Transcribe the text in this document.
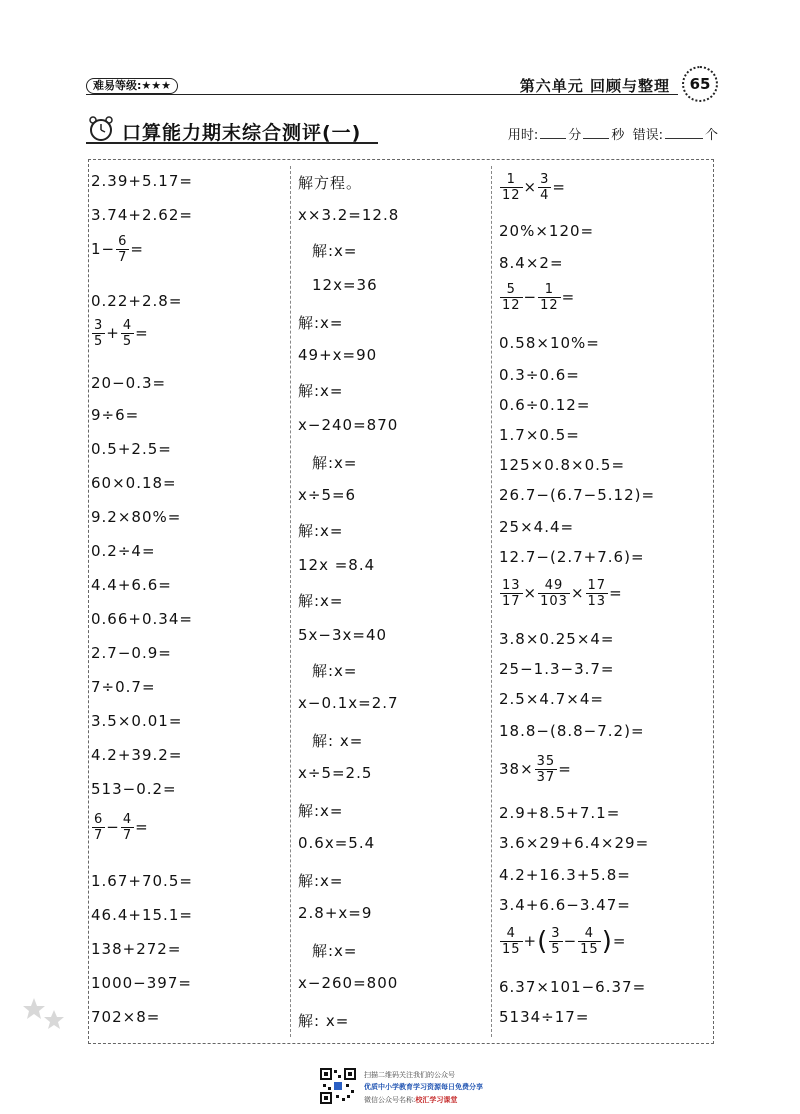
难易等级:★★★	第六单元 回顾与整理	65
口算能力期末综合测评(一)	用时: 分 秒 错误:	个
2.39+5.17=
3.74+2.62=
$1- \frac{6}{7}$ =
0.22+2.8=
$\frac{3}{5} + \frac{4}{5}$ =
20−0.3=
9÷6=
0.5+2.5=
60×0.18=
9.2×80%=
0.2÷4=
4.4+6.6=
0.66+0.34=
2.7−0.9=
7÷0.7=
3.5×0.01=
4.2+39.2=
513−0.2=
$\frac{6}{7} - \frac{4}{7}$ =
1.67+70.5=
46.4+15.1=
138+272=
1000−397=
702×8=
解方程。
x×3.2=12.8
解:x=
12x=36
解:x=
49+x=90
解:x=
x−240=870
解:x=
x÷5=6
解:x=
12x =8.4
解:x=
5x−3x=40
解:x=
x−0.1x=2.7
解: x=
x÷5=2.5
解:x=
0.6x=5.4
解:x=
2.8+x=9
解:x=
x−260=800
解: x=
$\frac{1}{12} \times \frac{3}{4}$ =
20%×120=
8.4×2=
$\frac{5}{12} - \frac{1}{12}$ =
0.58×10%=
0.3÷0.6=
0.6÷0.12=
1.7×0.5=
125×0.8×0.5=
26.7−(6.7−5.12)=
25×4.4=
12.7−(2.7+7.6)=
$\frac{13}{17} \times \frac{49}{103} \times \frac{17}{13}$ =
3.8×0.25×4=
25−1.3−3.7=
2.5×4.7×4=
18.8−(8.8−7.2)=
$38\times \frac{35}{37}$ =
2.9+8.5+7.1=
3.6×29+6.4×29=
4.2+16.3+5.8=
3.4+6.6−3.47=
$\frac{4}{15}$ +( $\frac{3}{5} - \frac{4}{15}$ )=
6.37×101−6.37=
5134÷17=
扫描二维码关注我们的公众号
优质中小学教育学习资源每日免费分享
微信公众号名称:校汇学习课堂
